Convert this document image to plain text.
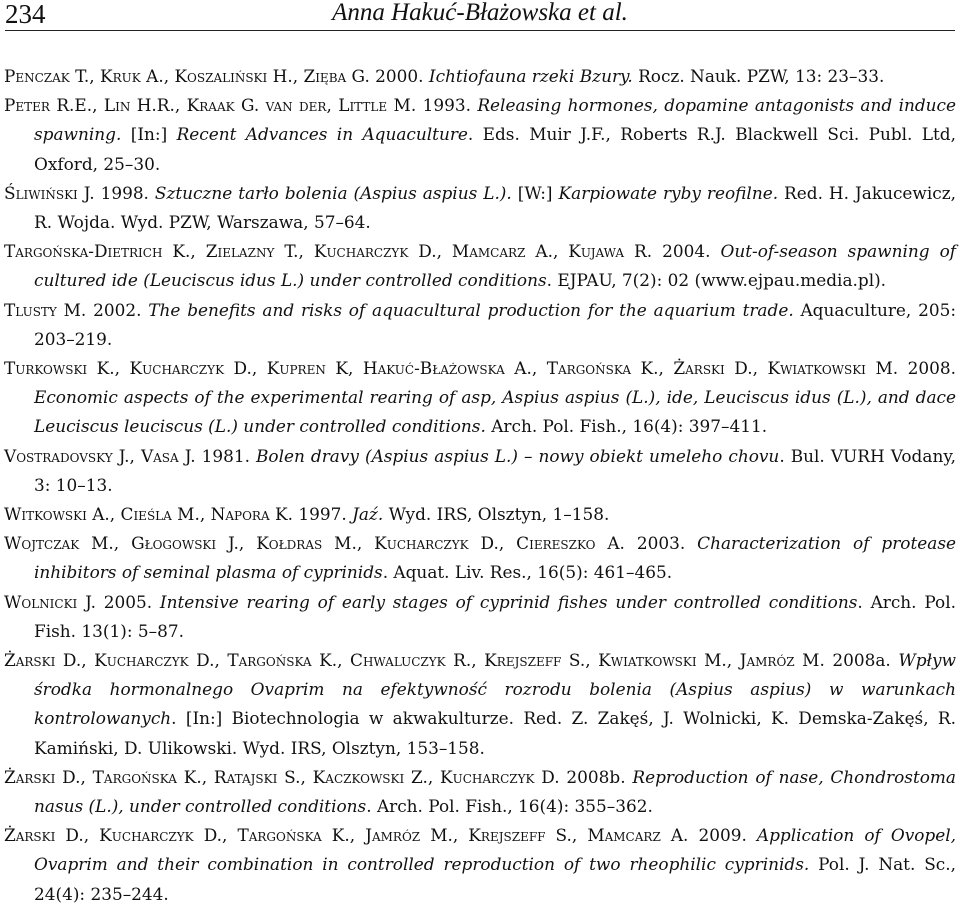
234	Anna Hakuć-Błażowska et al.
Penczak T., Kruk A., Koszaliński H., Zięba G. 2000. Ichtiofauna rzeki Bzury. Rocz. Nauk. PZW, 13: 23–33.
Peter R.E., Lin H.R., Kraak G. van der, Little M. 1993. Releasing hormones, dopamine antagonists and induce spawning. [In:] Recent Advances in Aquaculture. Eds. Muir J.F., Roberts R.J. Blackwell Sci. Publ. Ltd, Oxford, 25–30.
Śliwiński J. 1998. Sztuczne tarło bolenia (Aspius aspius L.). [W:] Karpiowate ryby reofilne. Red. H. Jakucewicz, R. Wojda. Wyd. PZW, Warszawa, 57–64.
Targońska-Dietrich K., Zielazny T., Kucharczyk D., Mamcarz A., Kujawa R. 2004. Out-of-season spawning of cultured ide (Leuciscus idus L.) under controlled conditions. EJPAU, 7(2): 02 (www.ejpau.media.pl).
Tlusty M. 2002. The benefits and risks of aquacultural production for the aquarium trade. Aquaculture, 205: 203–219.
Turkowski K., Kucharczyk D., Kupren K, Hakuć-Błażowska A., Targońska K., Żarski D., Kwiatkowski M. 2008. Economic aspects of the experimental rearing of asp, Aspius aspius (L.), ide, Leuciscus idus (L.), and dace Leuciscus leuciscus (L.) under controlled conditions. Arch. Pol. Fish., 16(4): 397–411.
Vostradovsky J., Vasa J. 1981. Bolen dravy (Aspius aspius L.) – nowy obiekt umeleho chovu. Bul. VURH Vodany, 3: 10–13.
Witkowski A., Cieśla M., Napora K. 1997. Jaź. Wyd. IRS, Olsztyn, 1–158.
Wojtczak M., Głogowski J., Kołdras M., Kucharczyk D., Ciereszko A. 2003. Characterization of protease inhibitors of seminal plasma of cyprinids. Aquat. Liv. Res., 16(5): 461–465.
Wolnicki J. 2005. Intensive rearing of early stages of cyprinid fishes under controlled conditions. Arch. Pol. Fish. 13(1): 5–87.
Żarski D., Kucharczyk D., Targońska K., Chwaluczyk R., Krejszeff S., Kwiatkowski M., Jamróz M. 2008a. Wpływ środka hormonalnego Ovaprim na efektywność rozrodu bolenia (Aspius aspius) w warunkach kontrolowanych. [In:] Biotechnologia w akwakulturze. Red. Z. Zakęś, J. Wolnicki, K. Demska-Zakęś, R. Kamiński, D. Ulikowski. Wyd. IRS, Olsztyn, 153–158.
Żarski D., Targońska K., Ratajski S., Kaczkowski Z., Kucharczyk D. 2008b. Reproduction of nase, Chondrostoma nasus (L.), under controlled conditions. Arch. Pol. Fish., 16(4): 355–362.
Żarski D., Kucharczyk D., Targońska K., Jamróz M., Krejszeff S., Mamcarz A. 2009. Application of Ovopel, Ovaprim and their combination in controlled reproduction of two rheophilic cyprinids. Pol. J. Nat. Sc., 24(4): 235–244.
